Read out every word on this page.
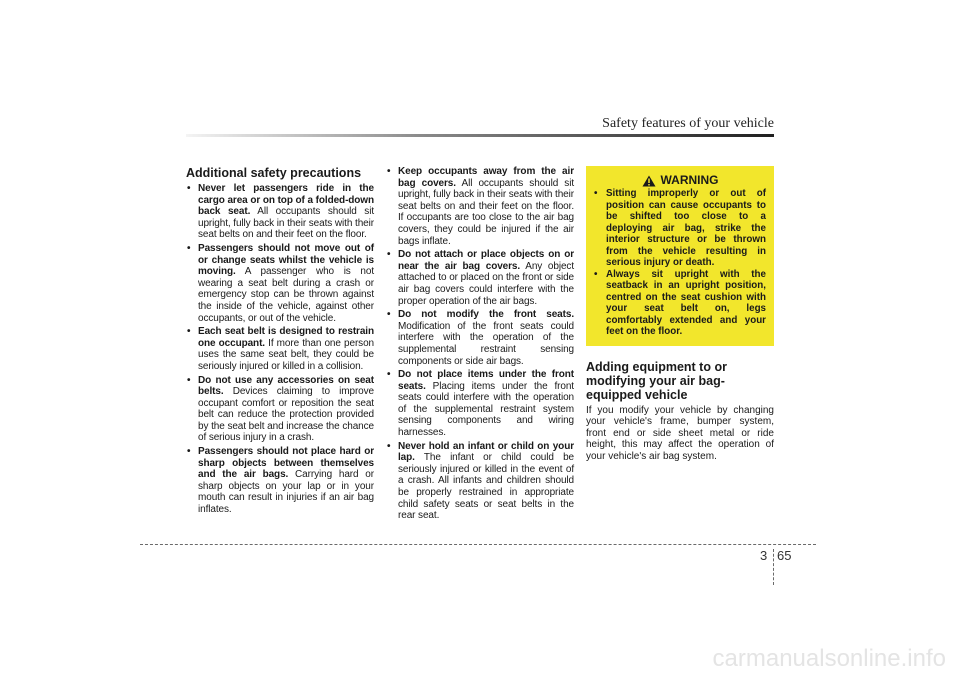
Safety features of your vehicle
Additional safety precautions
• Never let passengers ride in the cargo area or on top of a folded-down back seat. All occupants should sit upright, fully back in their seats with their seat belts on and their feet on the floor.
• Passengers should not move out of or change seats whilst the vehicle is moving. A passenger who is not wearing a seat belt during a crash or emergency stop can be thrown against the inside of the vehicle, against other occupants, or out of the vehicle.
• Each seat belt is designed to restrain one occupant. If more than one person uses the same seat belt, they could be seriously injured or killed in a collision.
• Do not use any accessories on seat belts. Devices claiming to improve occupant comfort or reposition the seat belt can reduce the protection provided by the seat belt and increase the chance of serious injury in a crash.
• Passengers should not place hard or sharp objects between themselves and the air bags. Carrying hard or sharp objects on your lap or in your mouth can result in injuries if an air bag inflates.
• Keep occupants away from the air bag covers. All occupants should sit upright, fully back in their seats with their seat belts on and their feet on the floor. If occupants are too close to the air bag covers, they could be injured if the air bags inflate.
• Do not attach or place objects on or near the air bag covers. Any object attached to or placed on the front or side air bag covers could interfere with the proper operation of the air bags.
• Do not modify the front seats. Modification of the front seats could interfere with the operation of the supplemental restraint sensing components or side air bags.
• Do not place items under the front seats. Placing items under the front seats could interfere with the operation of the supplemental restraint system sensing components and wiring harnesses.
• Never hold an infant or child on your lap. The infant or child could be seriously injured or killed in the event of a crash. All infants and children should be properly restrained in appropriate child safety seats or seat belts in the rear seat.
WARNING
• Sitting improperly or out of position can cause occupants to be shifted too close to a deploying air bag, strike the interior structure or be thrown from the vehicle resulting in serious injury or death.
• Always sit upright with the seatback in an upright position, centred on the seat cushion with your seat belt on, legs comfortably extended and your feet on the floor.
Adding equipment to or modifying your air bag-equipped vehicle
If you modify your vehicle by changing your vehicle's frame, bumper system, front end or side sheet metal or ride height, this may affect the operation of your vehicle's air bag system.
3 65
carmanualsonline.info
